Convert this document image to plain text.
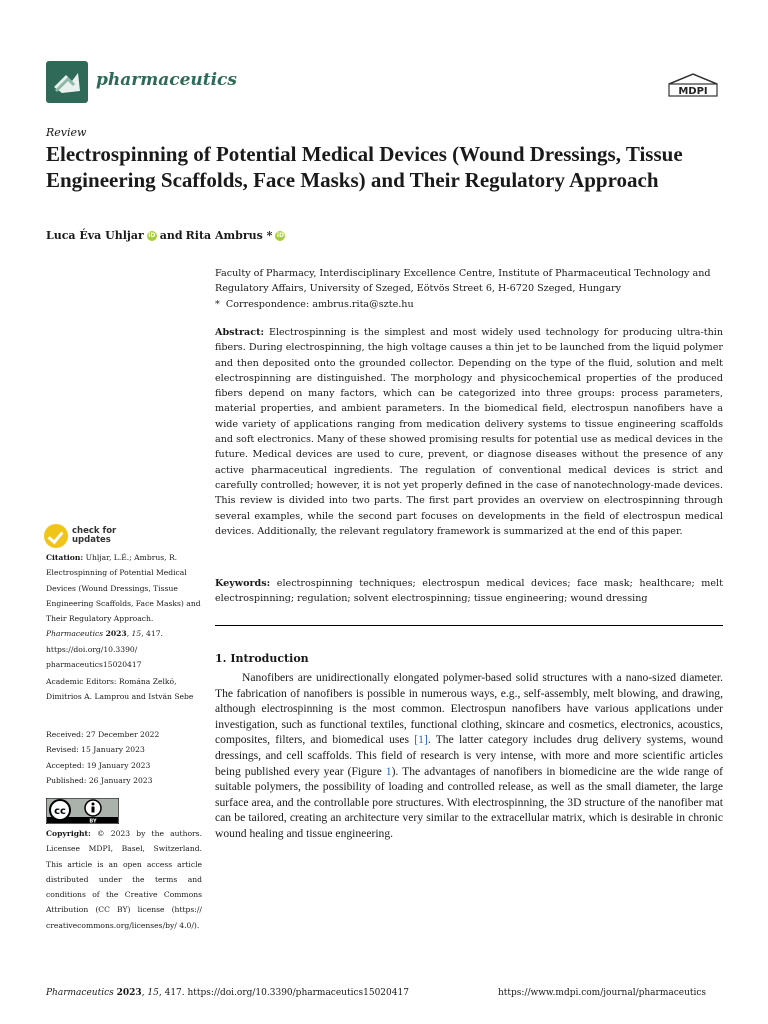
pharmaceutics
MDPI
Review
Electrospinning of Potential Medical Devices (Wound Dressings, Tissue Engineering Scaffolds, Face Masks) and Their Regulatory Approach
Luca Éva Uhljar iD and Rita Ambrus * iD
Faculty of Pharmacy, Interdisciplinary Excellence Centre, Institute of Pharmaceutical Technology and Regulatory Affairs, University of Szeged, Eötvös Street 6, H-6720 Szeged, Hungary
* Correspondence: ambrus.rita@szte.hu
Abstract: Electrospinning is the simplest and most widely used technology for producing ultra-thin fibers. During electrospinning, the high voltage causes a thin jet to be launched from the liquid polymer and then deposited onto the grounded collector. Depending on the type of the fluid, solution and melt electrospinning are distinguished. The morphology and physicochemical properties of the produced fibers depend on many factors, which can be categorized into three groups: process parameters, material properties, and ambient parameters. In the biomedical field, electrospun nanofibers have a wide variety of applications ranging from medication delivery systems to tissue engineering scaffolds and soft electronics. Many of these showed promising results for potential use as medical devices in the future. Medical devices are used to cure, prevent, or diagnose diseases without the presence of any active pharmaceutical ingredients. The regulation of conventional medical devices is strict and carefully controlled; however, it is not yet properly defined in the case of nanotechnology-made devices. This review is divided into two parts. The first part provides an overview on electrospinning through several examples, while the second part focuses on developments in the field of electrospun medical devices. Additionally, the relevant regulatory framework is summarized at the end of this paper.
Keywords: electrospinning techniques; electrospun medical devices; face mask; healthcare; melt electrospinning; regulation; solvent electrospinning; tissue engineering; wound dressing
1. Introduction
Nanofibers are unidirectionally elongated polymer-based solid structures with a nano-sized diameter. The fabrication of nanofibers is possible in numerous ways, e.g., self-assembly, melt blowing, and drawing, although electrospinning is the most common. Electrospun nanofibers have various applications under investigation, such as functional textiles, functional clothing, skincare and cosmetics, electronics, acoustics, composites, filters, and biomedical uses [1]. The latter category includes drug delivery systems, wound dressings, and cell scaffolds. This field of research is very intense, with more and more scientific articles being published every year (Figure 1). The advantages of nanofibers in biomedicine are the wide range of suitable polymers, the possibility of loading and controlled release, as well as the small diameter, the large surface area, and the controllable pore structures. With electrospinning, the 3D structure of the nanofiber mat can be tailored, creating an architecture very similar to the extracellular matrix, which is desirable in chronic wound healing and tissue engineering.
check for
updates
Citation: Uhljar, L.É.; Ambrus, R. Electrospinning of Potential Medical Devices (Wound Dressings, Tissue Engineering Scaffolds, Face Masks) and Their Regulatory Approach. Pharmaceutics 2023, 15, 417. https://doi.org/10.3390/ pharmaceutics15020417
Academic Editors: Romána Zelkó, Dimitrios A. Lamprou and István Sebe
Received: 27 December 2022
Revised: 15 January 2023
Accepted: 19 January 2023
Published: 26 January 2023
cc
BY
Copyright: © 2023 by the authors. Licensee MDPI, Basel, Switzerland. This article is an open access article distributed under the terms and conditions of the Creative Commons Attribution (CC BY) license (https:// creativecommons.org/licenses/by/ 4.0/).
Pharmaceutics 2023, 15, 417. https://doi.org/10.3390/pharmaceutics15020417	https://www.mdpi.com/journal/pharmaceutics
